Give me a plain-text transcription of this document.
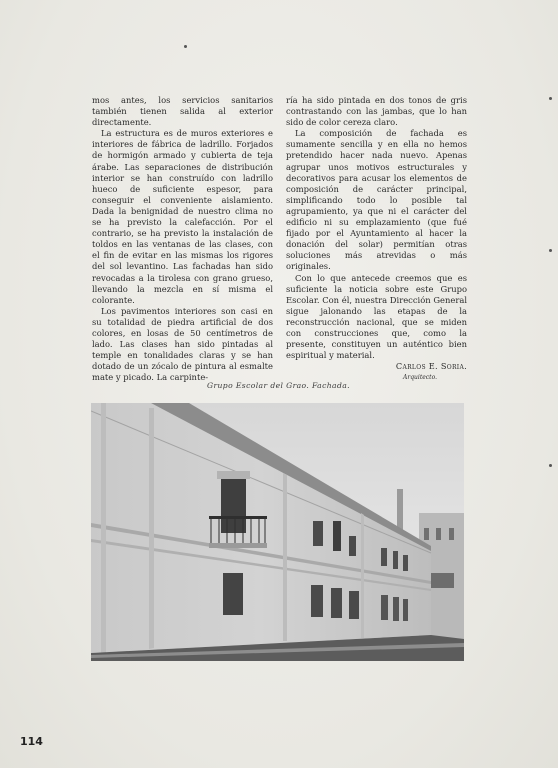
mos antes, los servicios sanitarios también tienen salida al exterior directamente.

La estructura es de muros exteriores e interiores de fábrica de ladrillo. Forjados de hormigón armado y cubierta de teja árabe. Las separaciones de distribución interior se han construído con ladrillo hueco de suficiente espesor, para conseguir el conveniente aislamiento. Dada la benignidad de nuestro clima no se ha previsto la calefacción. Por el contrario, se ha previsto la instalación de toldos en las ventanas de las clases, con el fin de evitar en las mismas los rigores del sol levantino. Las fachadas han sido revocadas a la tirolesa con grano grueso, llevando la mezcla en sí misma el colorante.

Los pavimentos interiores son casi en su totalidad de piedra artificial de dos colores, en losas de 50 centímetros de lado. Las clases han sido pintadas al temple en tonalidades claras y se han dotado de un zócalo de pintura al esmalte mate y picado. La carpinte-

ría ha sido pintada en dos tonos de gris contrastando con las jambas, que lo han sido de color cereza claro.

La composición de fachada es sumamente sencilla y en ella no hemos pretendido hacer nada nuevo. Apenas agrupar unos motivos estructurales y decorativos para acusar los elementos de composición de carácter principal, simplificando todo lo posible tal agrupamiento, ya que ni el carácter del edificio ni su emplazamiento (que fué fijado por el Ayuntamiento al hacer la donación del solar) permitían otras soluciones más atrevidas o más originales.

Con lo que antecede creemos que es suficiente la noticia sobre este Grupo Escolar. Con él, nuestra Dirección General sigue jalonando las etapas de la reconstrucción nacional, que se miden con construcciones que, como la presente, constituyen un auténtico bien espiritual y material.

Carlos E. Soria.
Arquitecto.
Grupo Escolar del Grao. Fachada.
114
